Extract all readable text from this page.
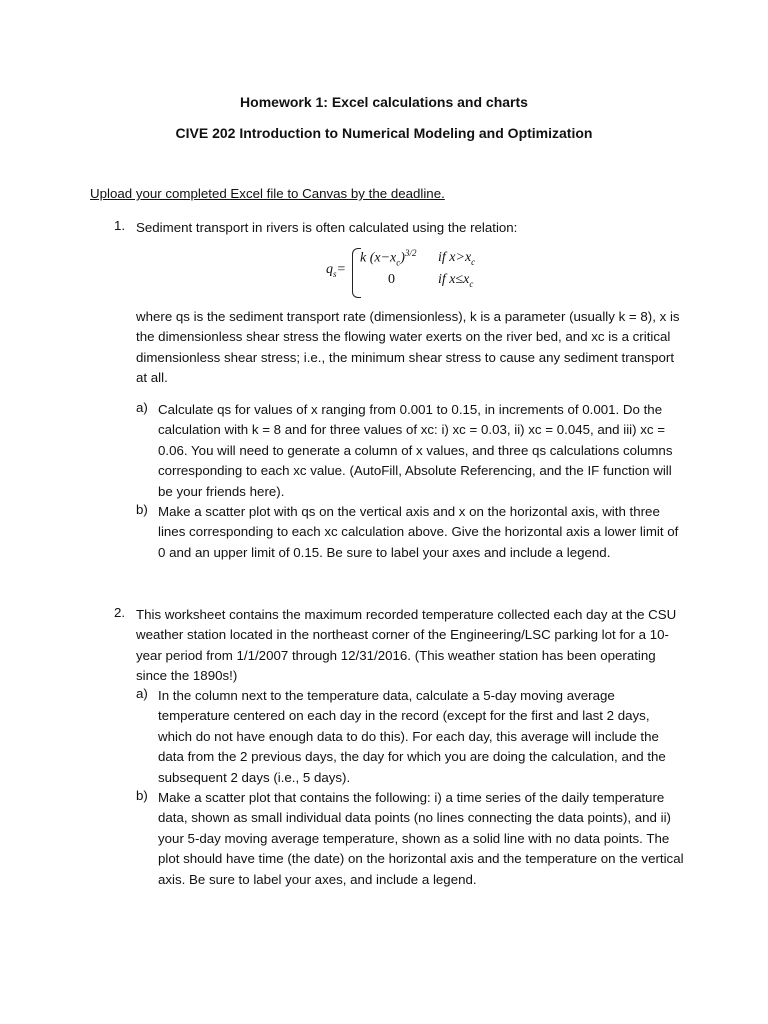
Homework 1: Excel calculations and charts
CIVE 202 Introduction to Numerical Modeling and Optimization

Upload your completed Excel file to Canvas by the deadline.

1. Sediment transport in rivers is often calculated using the relation:
$q_s=$
k $(x-x_c)^{3/2}$ if $x>x_c$
0	if $x\le x_c$

where qs is the sediment transport rate (dimensionless), k is a parameter (usually k = 8), x is the dimensionless shear stress the flowing water exerts on the river bed, and xc is a critical dimensionless shear stress; i.e., the minimum shear stress to cause any sediment transport at all.

a) Calculate qs for values of x ranging from 0.001 to 0.15, in increments of 0.001. Do the calculation with k = 8 and for three values of xc: i) xc = 0.03, ii) xc = 0.045, and iii) xc = 0.06. You will need to generate a column of x values, and three qs calculations columns corresponding to each xc value. (AutoFill, Absolute Referencing, and the IF function will be your friends here).
b) Make a scatter plot with qs on the vertical axis and x on the horizontal axis, with three lines corresponding to each xc calculation above. Give the horizontal axis a lower limit of 0 and an upper limit of 0.15. Be sure to label your axes and include a legend.
2. This worksheet contains the maximum recorded temperature collected each day at the CSU weather station located in the northeast corner of the Engineering/LSC parking lot for a 10-year period from 1/1/2007 through 12/31/2016. (This weather station has been operating since the 1890s!)
a) In the column next to the temperature data, calculate a 5-day moving average temperature centered on each day in the record (except for the first and last 2 days, which do not have enough data to do this). For each day, this average will include the data from the 2 previous days, the day for which you are doing the calculation, and the subsequent 2 days (i.e., 5 days).
b) Make a scatter plot that contains the following: i) a time series of the daily temperature data, shown as small individual data points (no lines connecting the data points), and ii) your 5-day moving average temperature, shown as a solid line with no data points. The plot should have time (the date) on the horizontal axis and the temperature on the vertical axis. Be sure to label your axes, and include a legend.
